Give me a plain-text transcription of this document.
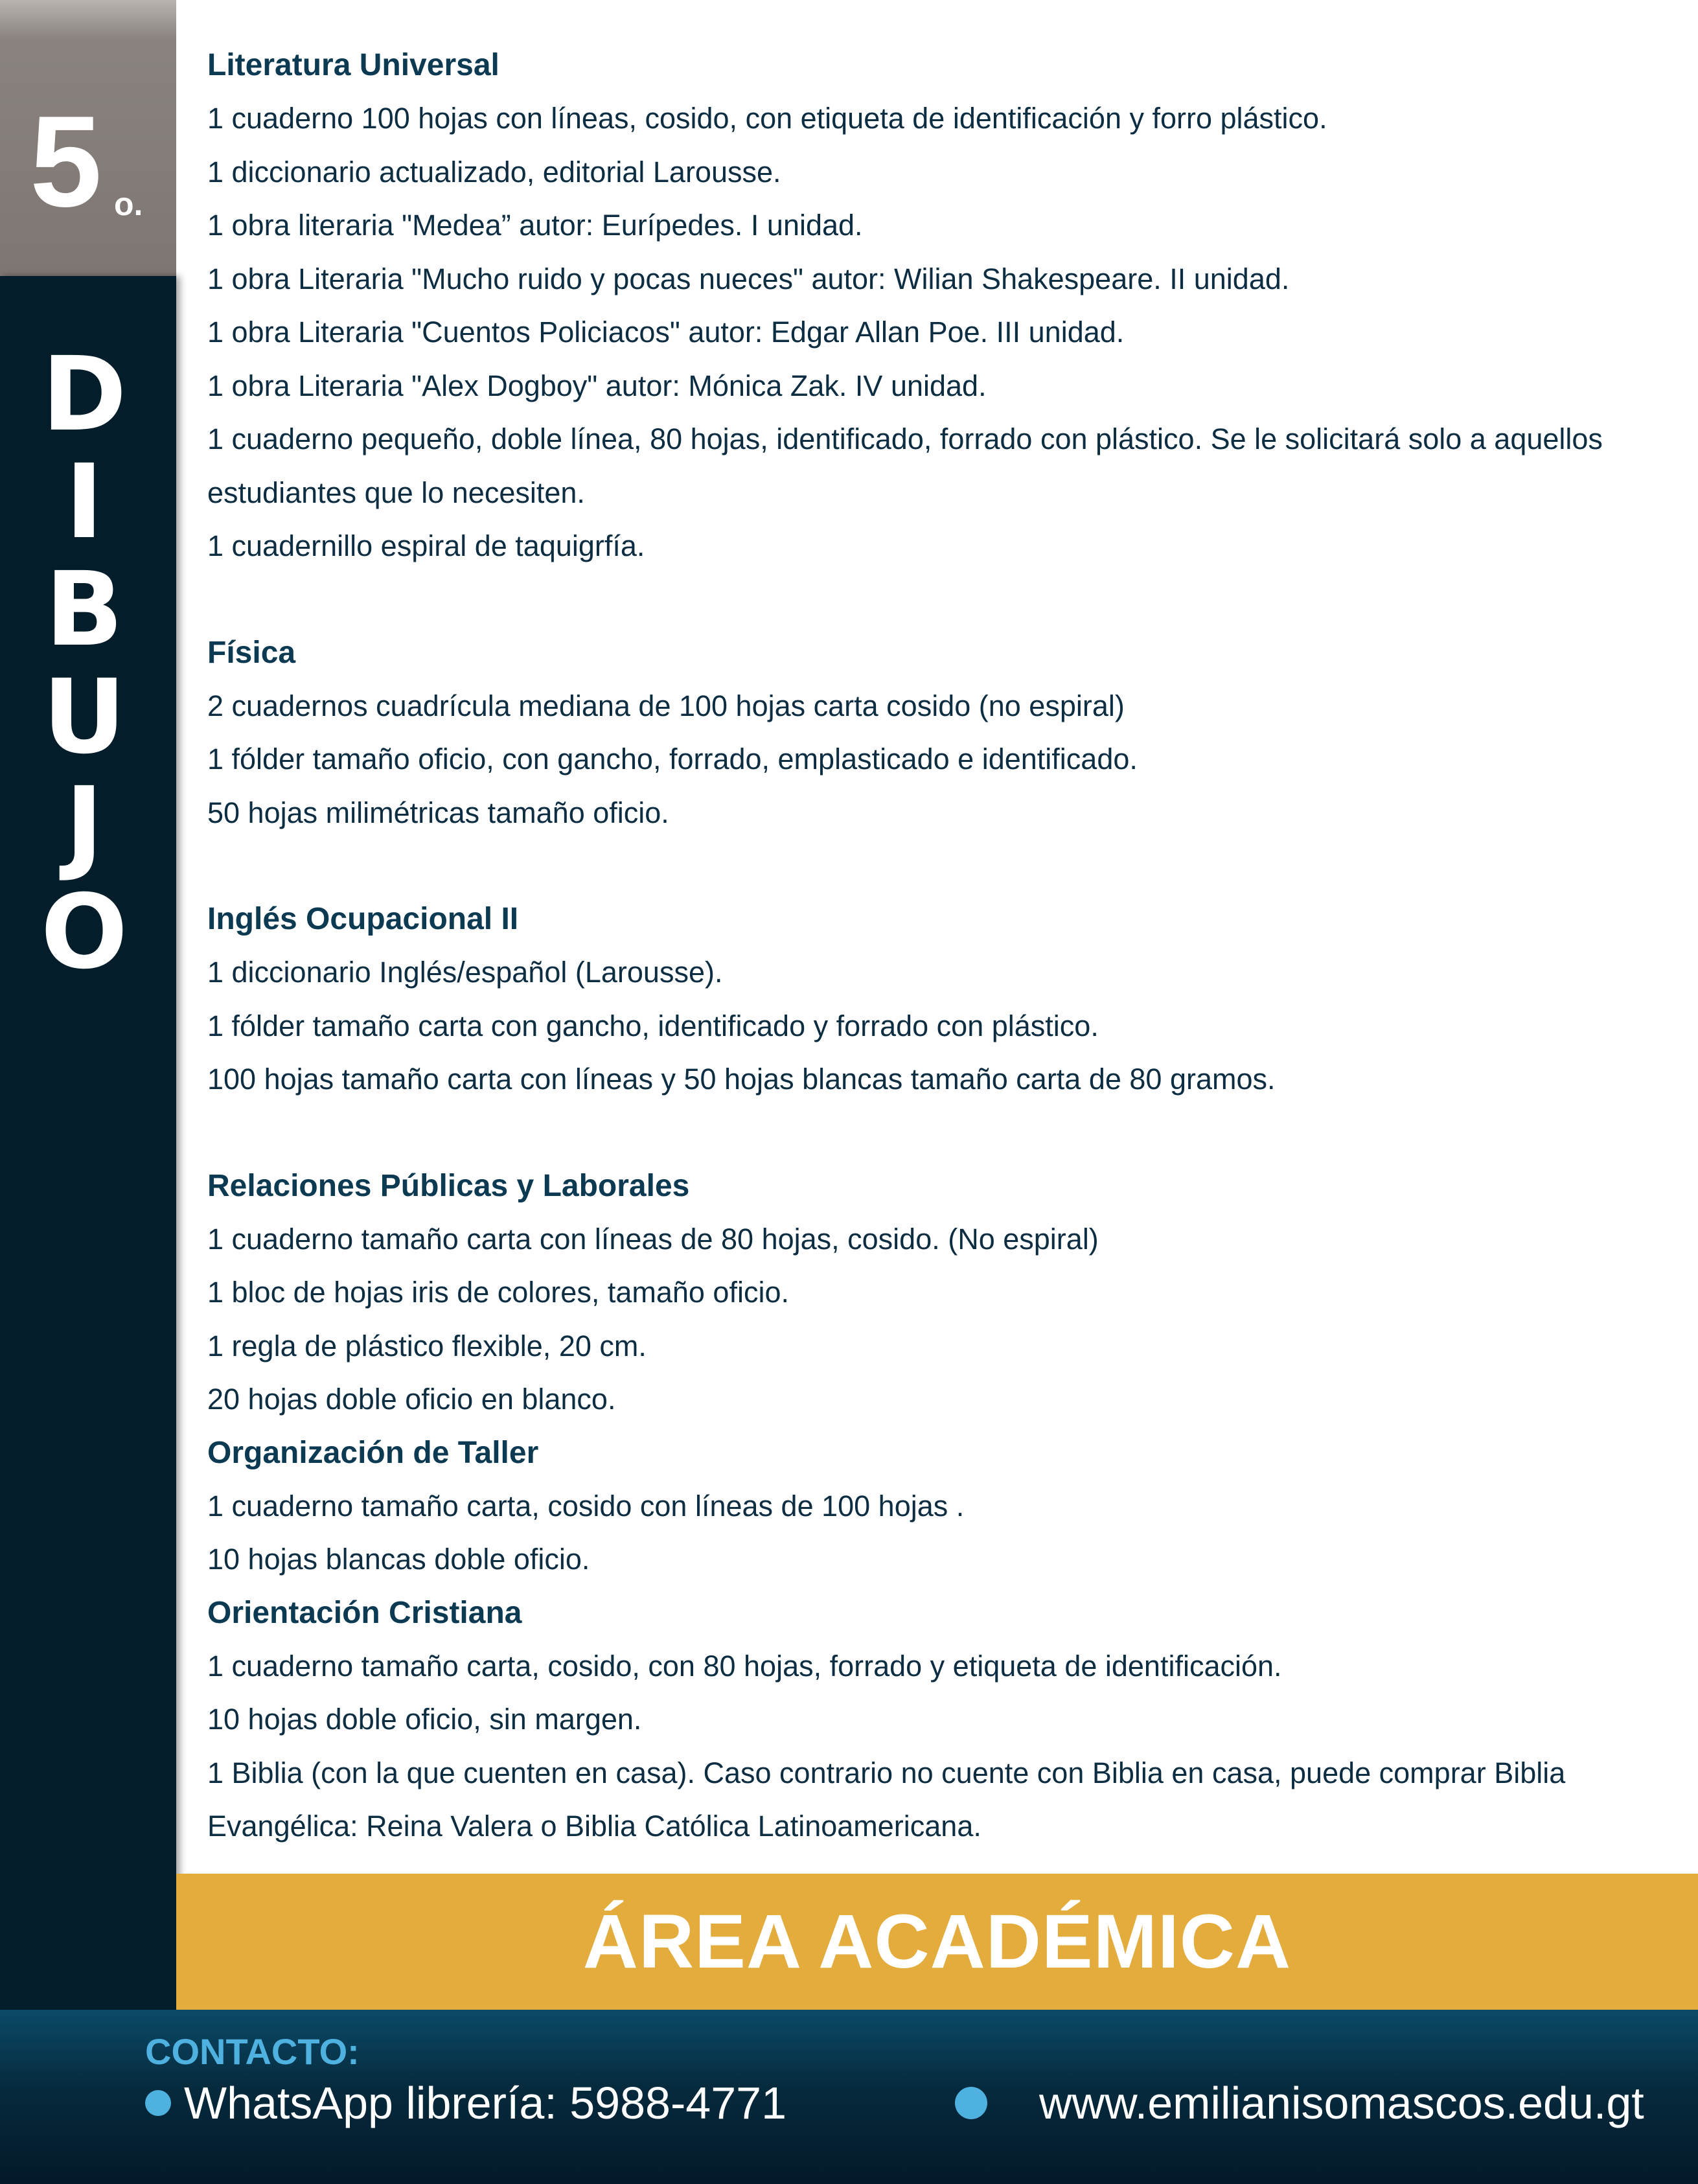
5 o.
D
I
B
U
J
O
Literatura Universal
1 cuaderno 100 hojas con líneas, cosido, con etiqueta de identificación y forro plástico.
1 diccionario actualizado, editorial Larousse.
1 obra literaria "Medea” autor: Eurípedes. I unidad.
1 obra Literaria "Mucho ruido y pocas nueces" autor: Wilian Shakespeare. II unidad.
1 obra Literaria "Cuentos Policiacos" autor: Edgar Allan Poe. III unidad.
1 obra Literaria "Alex Dogboy" autor: Mónica Zak. IV unidad.
1 cuaderno pequeño, doble línea, 80 hojas, identificado, forrado con plástico. Se le solicitará solo a aquellos estudiantes que lo necesiten.
1 cuadernillo espiral de taquigrfía.
Física
2 cuadernos cuadrícula mediana de 100 hojas carta cosido (no espiral)
1 fólder tamaño oficio, con gancho, forrado, emplasticado e identificado.
50 hojas milimétricas tamaño oficio.
Inglés Ocupacional II
1 diccionario Inglés/español (Larousse).
1 fólder tamaño carta con gancho, identificado y forrado con plástico.
100 hojas tamaño carta con líneas y 50 hojas blancas tamaño carta de 80 gramos.
Relaciones Públicas y Laborales
1 cuaderno tamaño carta con líneas de 80 hojas, cosido. (No espiral)
1 bloc de hojas iris de colores, tamaño oficio.
1 regla de plástico flexible, 20 cm.
20 hojas doble oficio en blanco.
Organización de Taller
1 cuaderno tamaño carta, cosido con líneas de 100 hojas .
10 hojas blancas doble oficio.
Orientación Cristiana
1 cuaderno tamaño carta, cosido, con 80 hojas, forrado y etiqueta de identificación.
10 hojas doble oficio, sin margen.
1 Biblia (con la que cuenten en casa). Caso contrario no cuente con Biblia en casa, puede comprar Biblia Evangélica: Reina Valera o Biblia Católica Latinoamericana.
ÁREA ACADÉMICA
CONTACTO:
WhatsApp librería: 5988-4771	www.emilianisomascos.edu.gt
